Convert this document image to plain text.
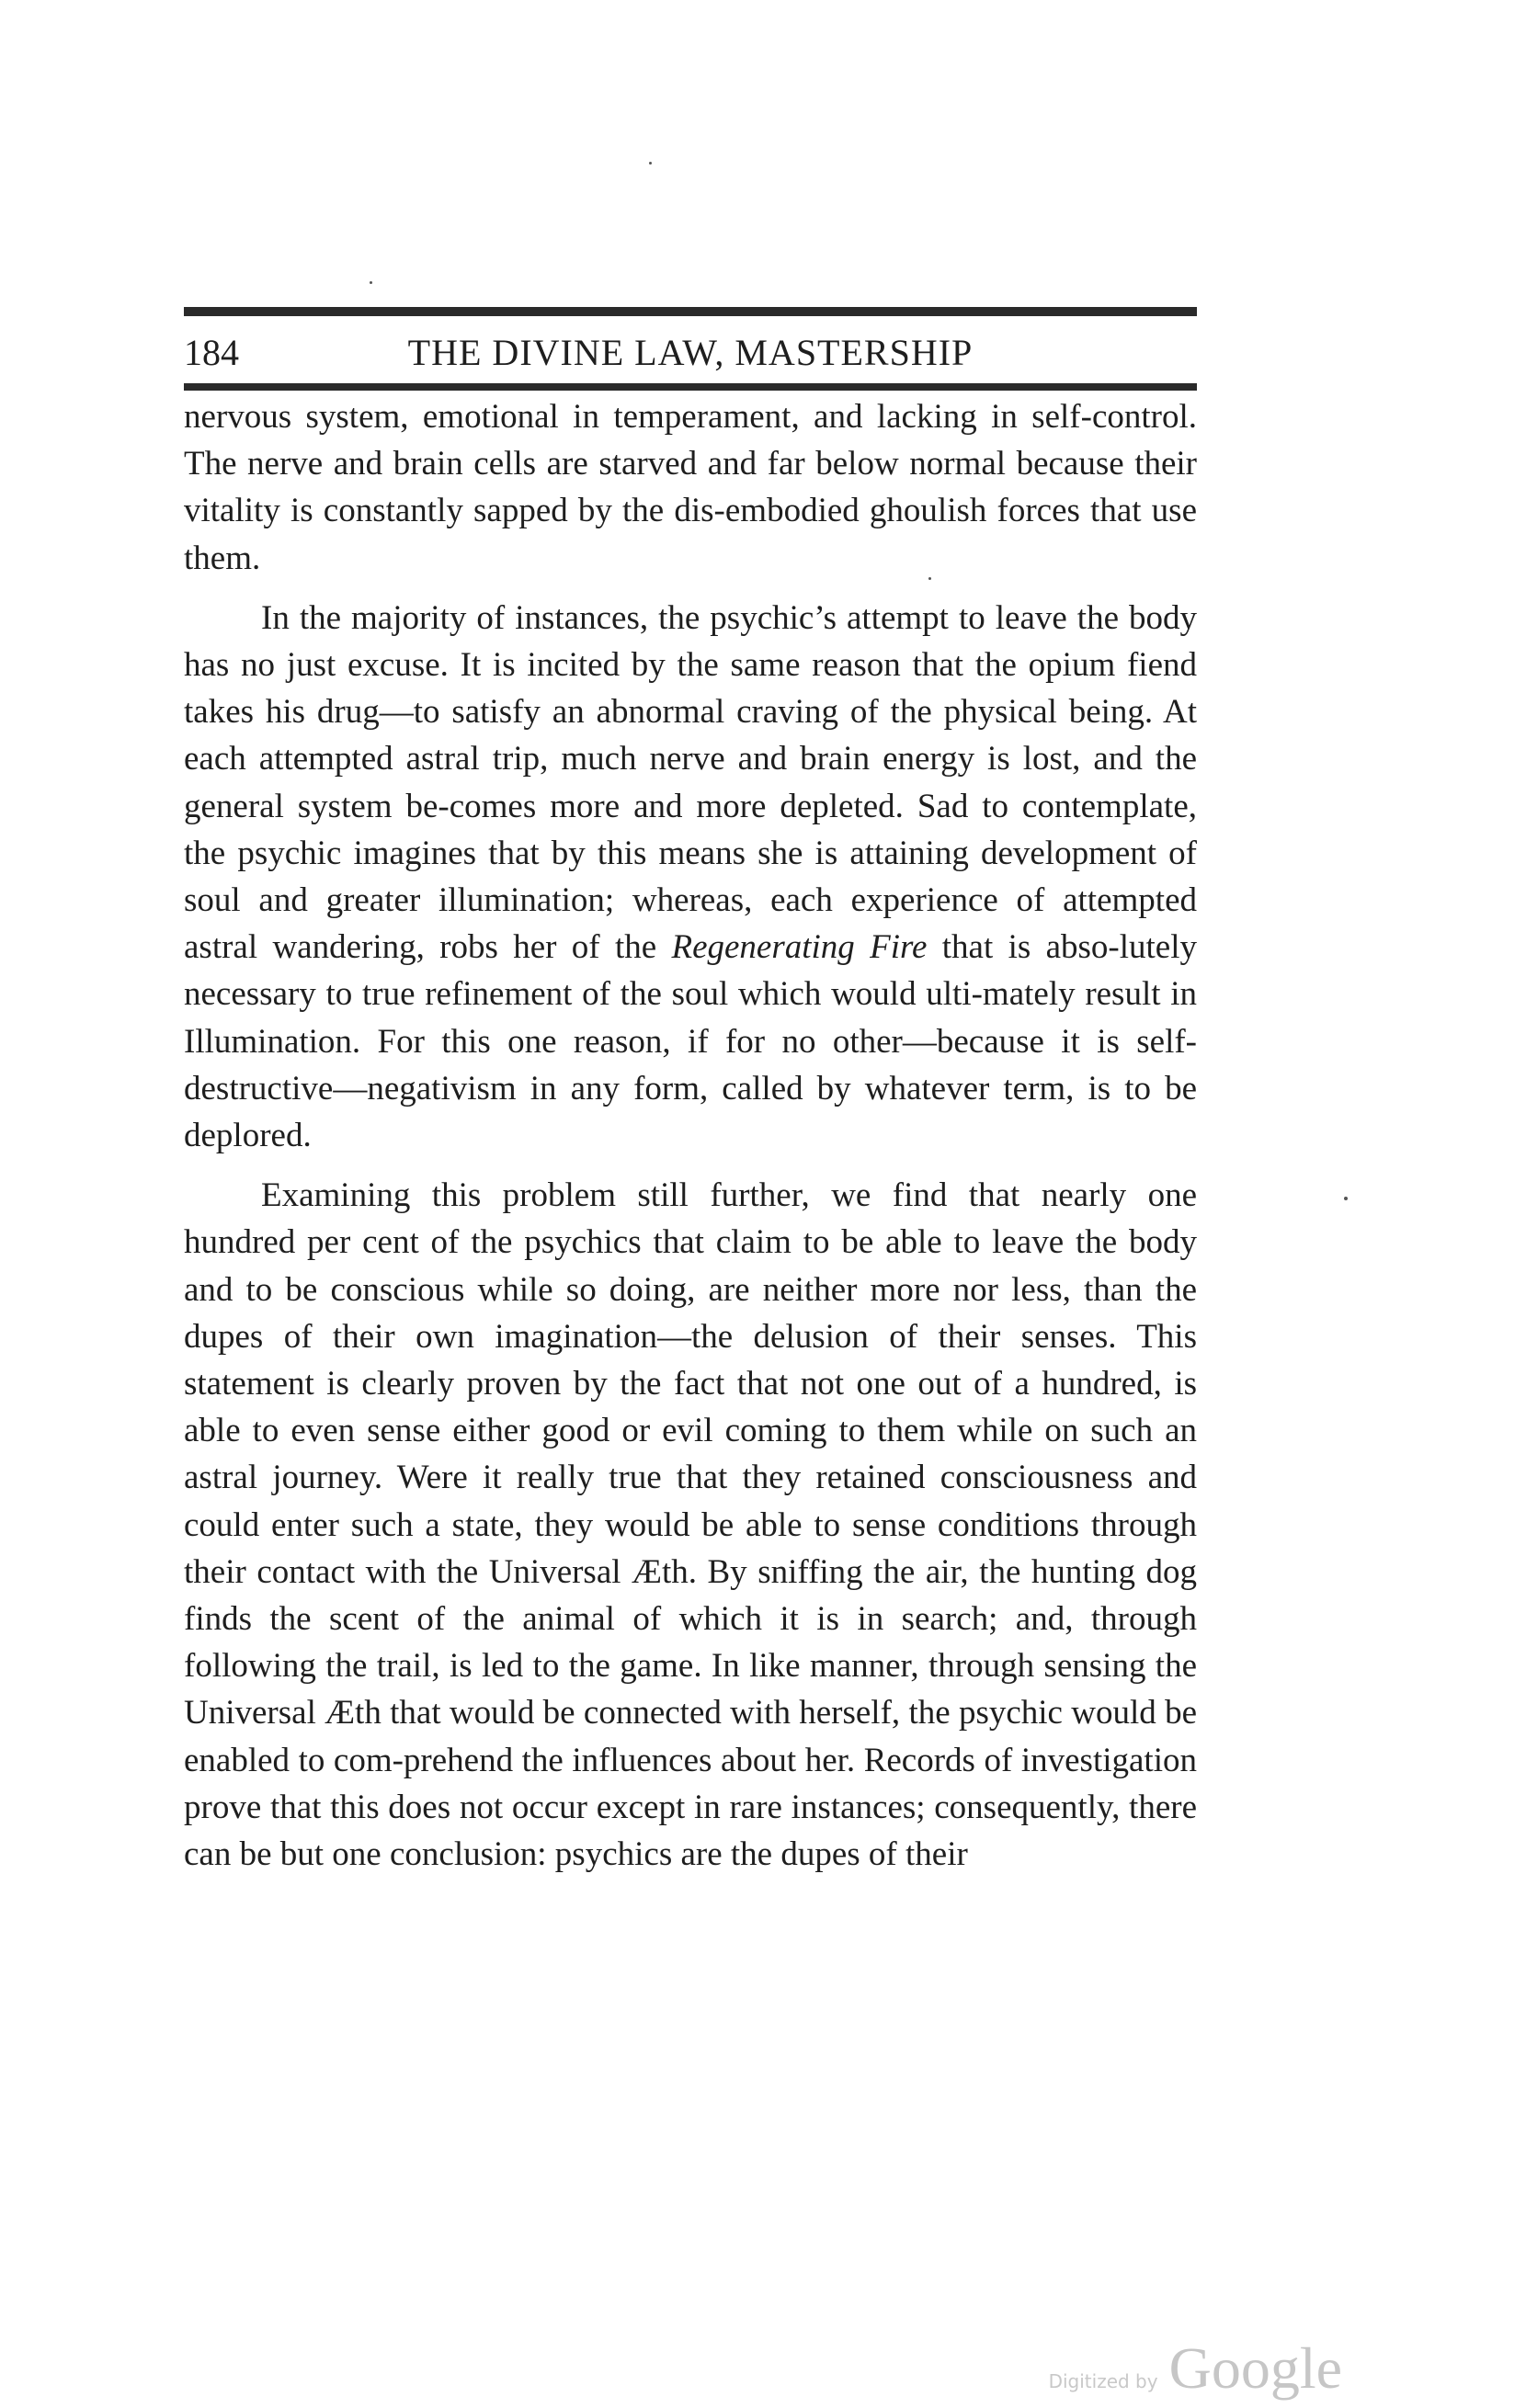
184	THE DIVINE LAW, MASTERSHIP

nervous system, emotional in temperament, and lacking in self-control. The nerve and brain cells are starved and far below normal because their vitality is constantly sapped by the dis-embodied ghoulish forces that use them.

In the majority of instances, the psychic’s attempt to leave the body has no just excuse. It is incited by the same reason that the opium fiend takes his drug—to satisfy an abnormal craving of the physical being. At each attempted astral trip, much nerve and brain energy is lost, and the general system be-comes more and more depleted. Sad to contemplate, the psychic imagines that by this means she is attaining development of soul and greater illumination; whereas, each experience of attempted astral wandering, robs her of the Regenerating Fire that is abso-lutely necessary to true refinement of the soul which would ulti-mately result in Illumination. For this one reason, if for no other—because it is self-destructive—negativism in any form, called by whatever term, is to be deplored.

Examining this problem still further, we find that nearly one hundred per cent of the psychics that claim to be able to leave the body and to be conscious while so doing, are neither more nor less, than the dupes of their own imagination—the delusion of their senses. This statement is clearly proven by the fact that not one out of a hundred, is able to even sense either good or evil coming to them while on such an astral journey. Were it really true that they retained consciousness and could enter such a state, they would be able to sense conditions through their contact with the Universal Æth. By sniffing the air, the hunting dog finds the scent of the animal of which it is in search; and, through following the trail, is led to the game. In like manner, through sensing the Universal Æth that would be connected with herself, the psychic would be enabled to com-prehend the influences about her. Records of investigation prove that this does not occur except in rare instances; consequently, there can be but one conclusion: psychics are the dupes of their

Digitized by Google
